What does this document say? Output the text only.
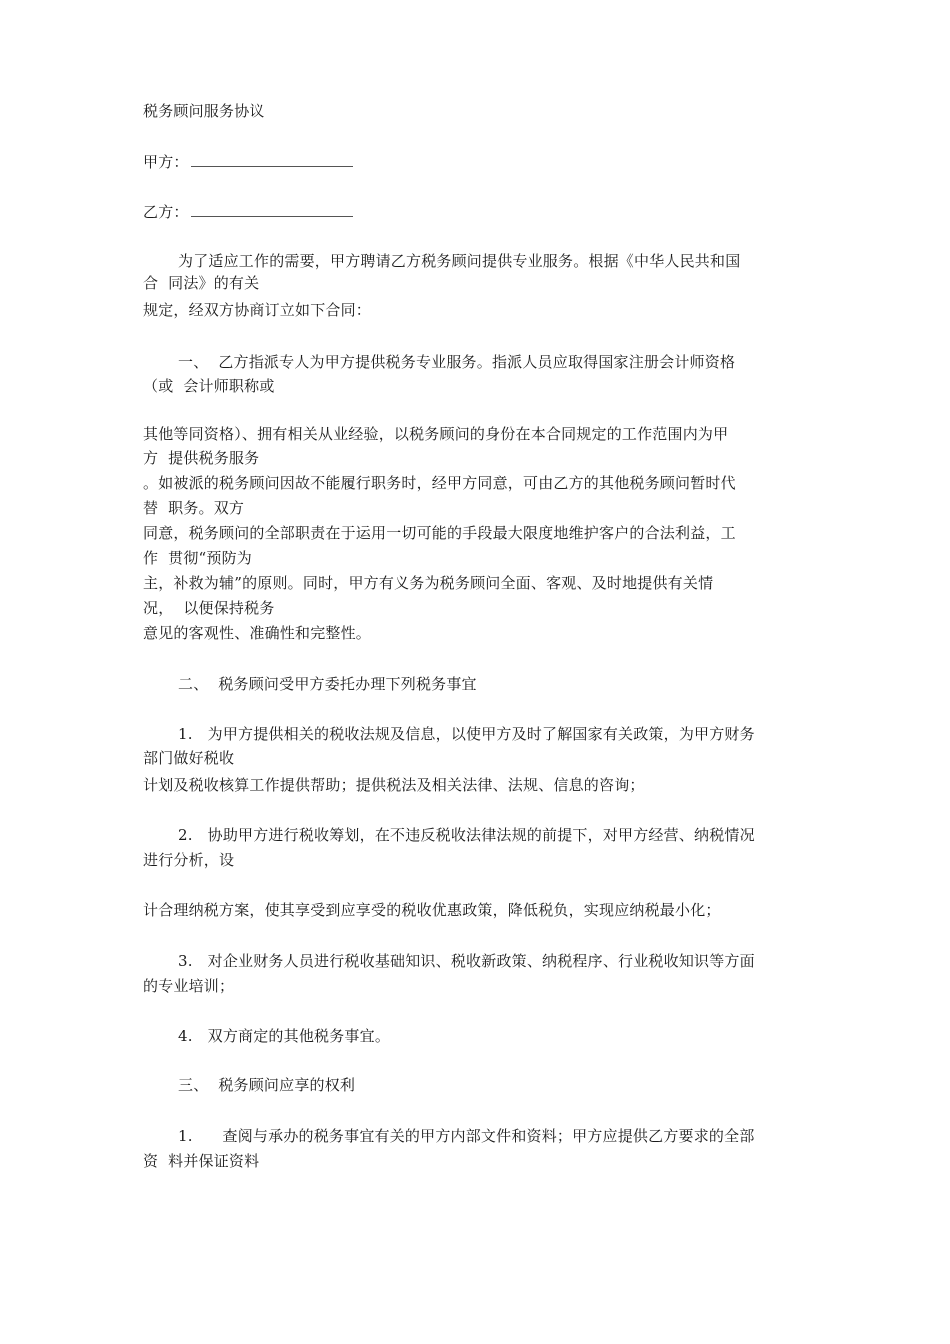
税务顾问服务协议
甲方：
乙方：
为了适应工作的需要，甲方聘请乙方税务顾问提供专业服务。根据《中华人民共和国
合  同法》的有关
规定，经双方协商订立如下合同：
一、  乙方指派专人为甲方提供税务专业服务。指派人员应取得国家注册会计师资格
（或  会计师职称或
其他等同资格）、拥有相关从业经验，以税务顾问的身份在本合同规定的工作范围内为甲
方  提供税务服务
。如被派的税务顾问因故不能履行职务时，经甲方同意，可由乙方的其他税务顾问暂时代
替  职务。双方
同意，税务顾问的全部职责在于运用一切可能的手段最大限度地维护客户的合法利益，工
作  贯彻“预防为
主，补救为辅”的原则。同时，甲方有义务为税务顾问全面、客观、及时地提供有关情
况，  以便保持税务
意见的客观性、准确性和完整性。
二、  税务顾问受甲方委托办理下列税务事宜
1.   为甲方提供相关的税收法规及信息，以使甲方及时了解国家有关政策，为甲方财务
部门做好税收
计划及税收核算工作提供帮助；提供税法及相关法律、法规、信息的咨询；
2.   协助甲方进行税收筹划，在不违反税收法律法规的前提下，对甲方经营、纳税情况
进行分析，设
计合理纳税方案，使其享受到应享受的税收优惠政策，降低税负，实现应纳税最小化；
3.   对企业财务人员进行税收基础知识、税收新政策、纳税程序、行业税收知识等方面
的专业培训；
4.   双方商定的其他税务事宜。
三、  税务顾问应享的权利
1.      查阅与承办的税务事宜有关的甲方内部文件和资料；甲方应提供乙方要求的全部
资  料并保证资料
